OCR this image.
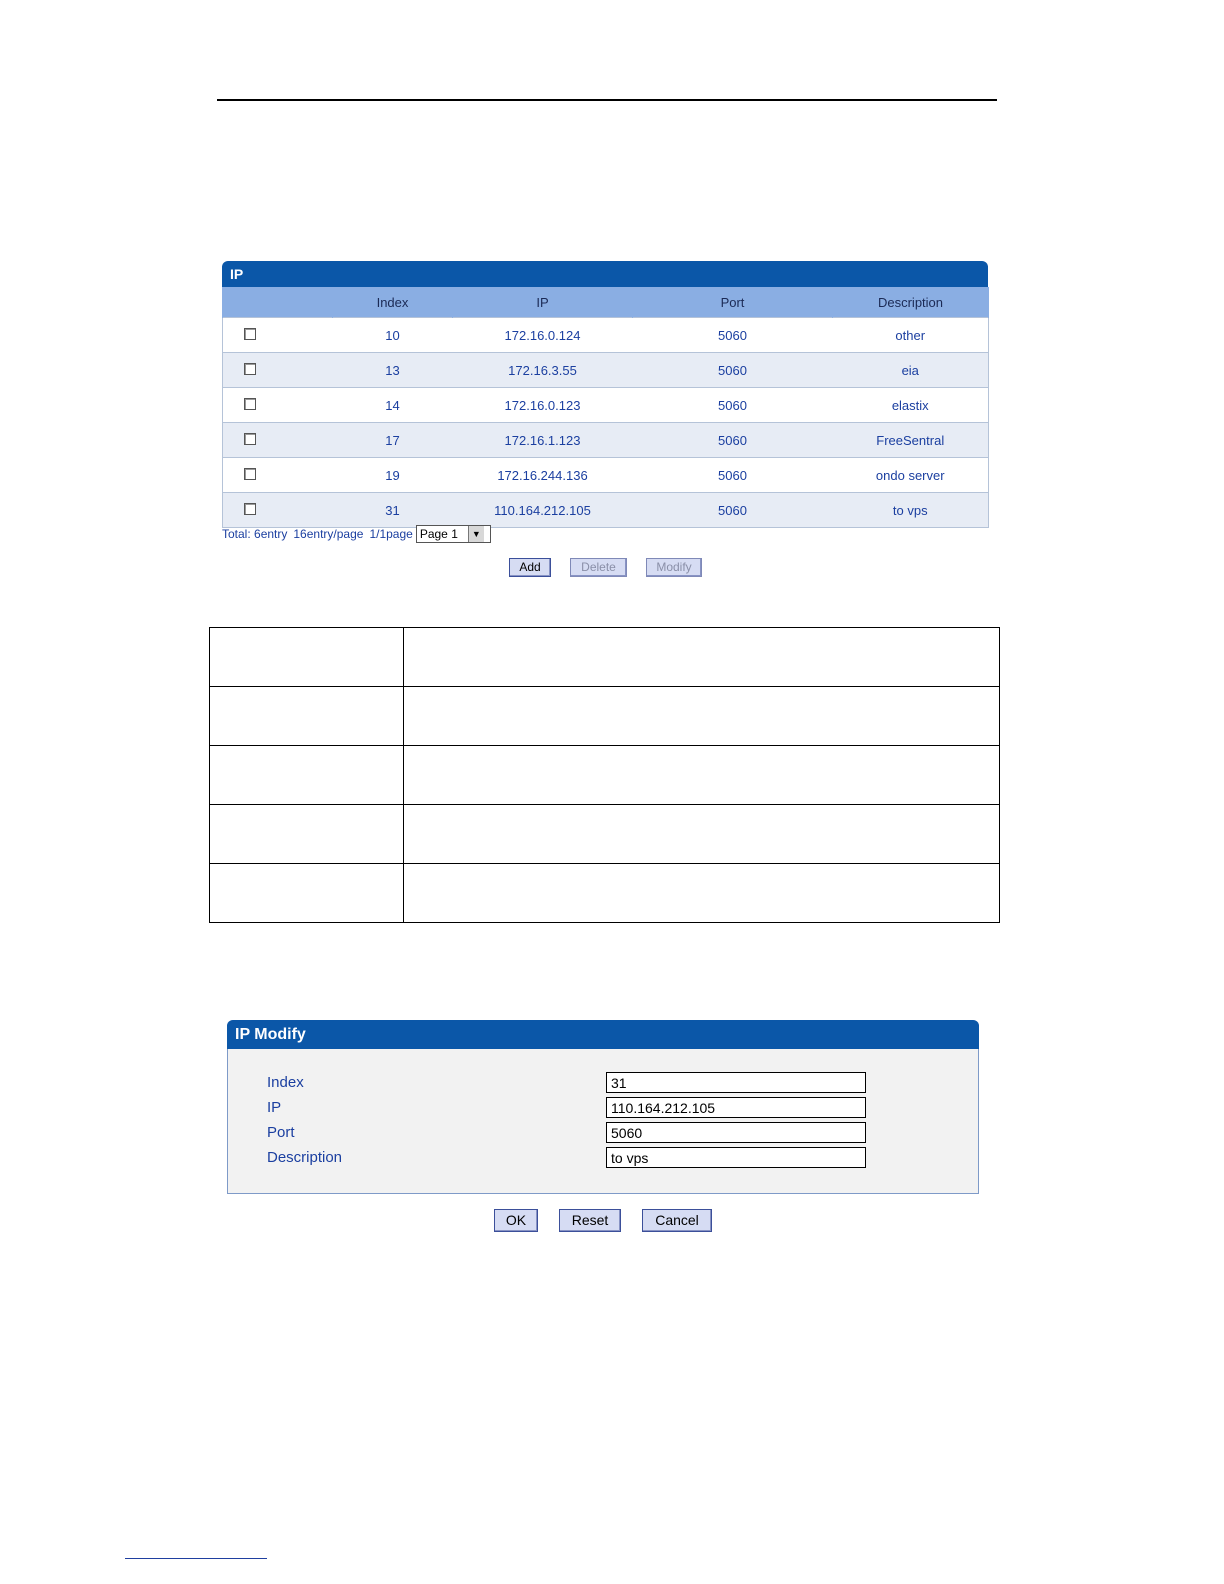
IP
	Index	IP	Port	Description
	10	172.16.0.124	5060	other
	13	172.16.3.55	5060	eia
	14	172.16.0.123	5060	elastix
	17	172.16.1.123	5060	FreeSentral
	19	172.16.244.136	5060	ondo server
	31	110.164.212.105	5060	to vps
Total: 6entry 16entry/page 1/1page Page 1	▼
Add	Delete	Modify

IP Modify
Index	31
IP	110.164.212.105
Port	5060
Description	to vps
OK	Reset	Cancel
